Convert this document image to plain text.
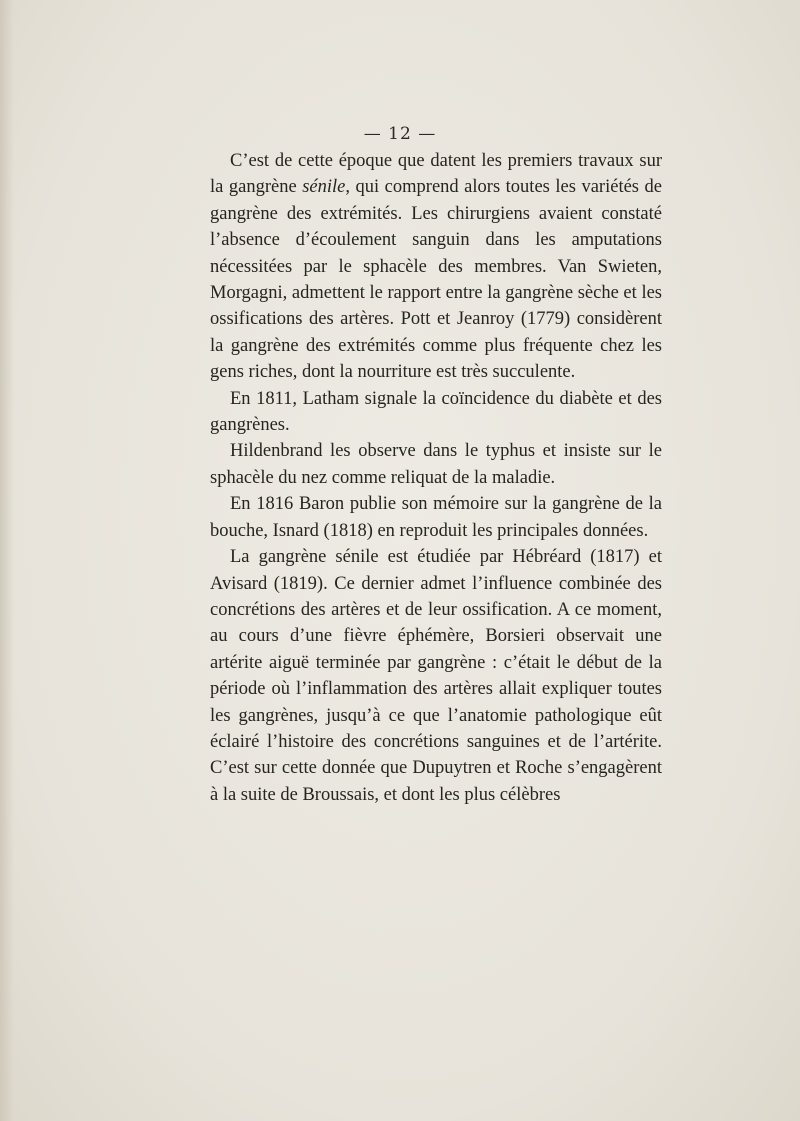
— 12 —

C’est de cette époque que datent les premiers travaux sur la gangrène sénile, qui comprend alors toutes les variétés de gangrène des extrémités. Les chirurgiens avaient constaté l’absence d’écoulement sanguin dans les amputations nécessitées par le sphacèle des membres. Van Swieten, Morgagni, admettent le rapport entre la gangrène sèche et les ossifications des artères. Pott et Jeanroy (1779) considèrent la gangrène des extrémités comme plus fréquente chez les gens riches, dont la nourriture est très succulente.

En 1811, Latham signale la coïncidence du diabète et des gangrènes.

Hildenbrand les observe dans le typhus et insiste sur le sphacèle du nez comme reliquat de la maladie.

En 1816 Baron publie son mémoire sur la gangrène de la bouche, Isnard (1818) en reproduit les principales données.

La gangrène sénile est étudiée par Hébréard (1817) et Avisard (1819). Ce dernier admet l’influence combinée des concrétions des artères et de leur ossification. A ce moment, au cours d’une fièvre éphémère, Borsieri observait une artérite aiguë terminée par gangrène : c’était le début de la période où l’inflammation des artères allait expliquer toutes les gangrènes, jusqu’à ce que l’anatomie pathologique eût éclairé l’histoire des concrétions sanguines et de l’artérite. C’est sur cette donnée que Dupuytren et Roche s’engagèrent à la suite de Broussais, et dont les plus célèbres
